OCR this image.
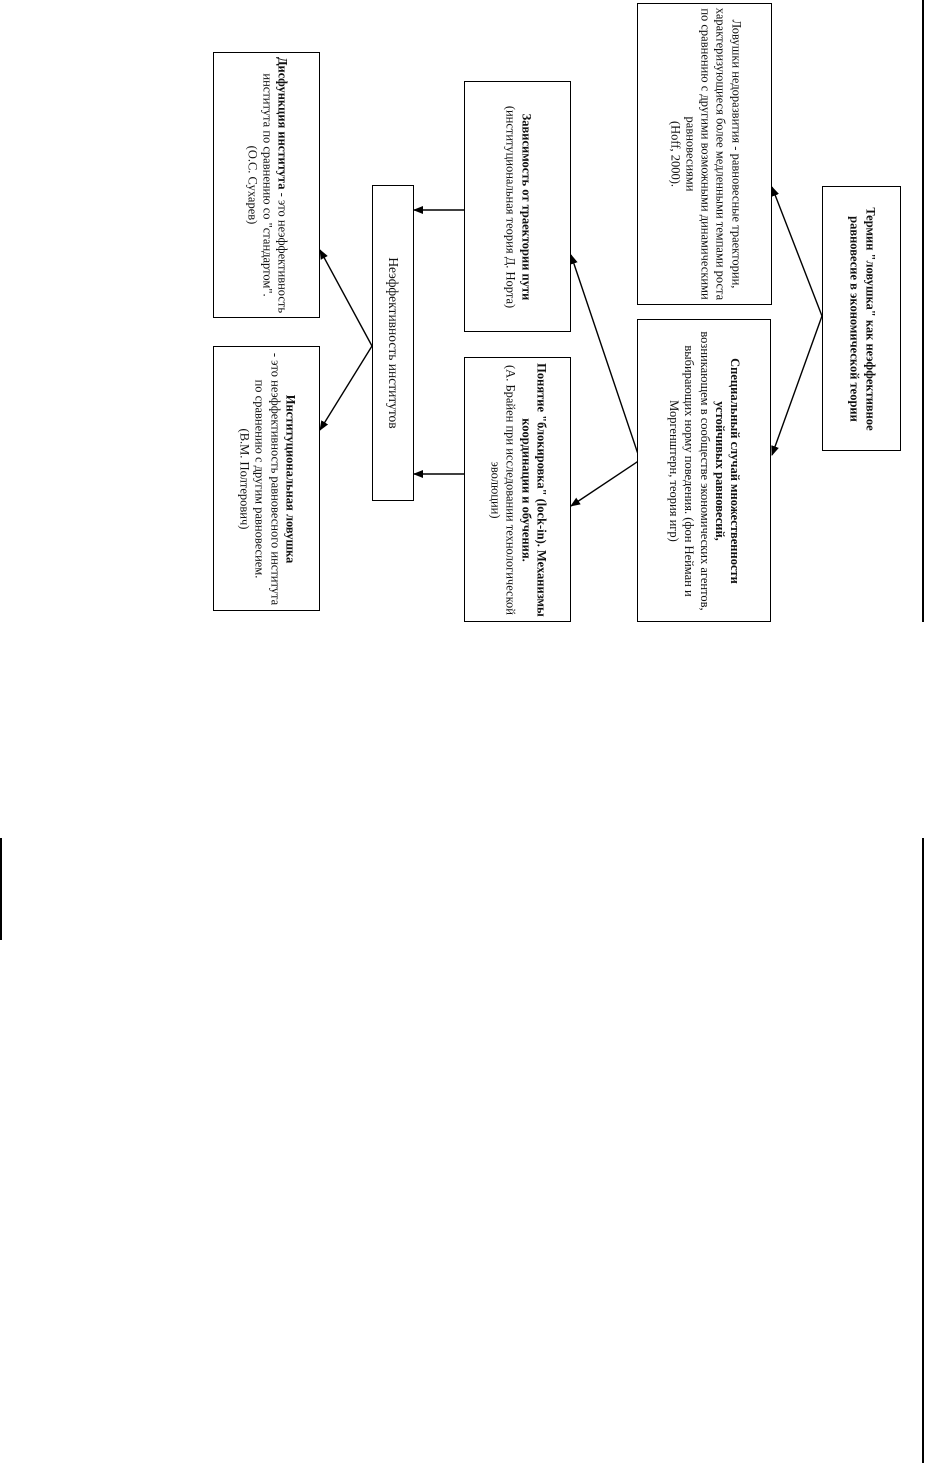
Термин "ловушка" как неэффективное равновесие в экономической теории
Ловушки недоразвития - равновесные траектории, характеризующиеся более медленными темпами роста по сравнению с другими возможными динамическими равновесиями
(Hoff, 2000).
Специальный случай множественности устойчивых равновесий,
возникающем в сообществе экономических агентов, выбирающих норму поведения. (фон Нейман и Моргенштерн, теория игр)
Зависимость от траектории пути
(институциональная теория Д. Норта)
Понятие "блокировка" (lock-in). Механизмы координации и обучения.
(А. Брайен при исследовании технологической эволюции)
Неэффективность институтов
Дисфункция института - это неэффективность института по сравнению со "стандартом".
(О.С. Сухарев)
Институциональная ловушка
- это неэффективность равновесного института по сравнению с другим равновесием.
(В.М. Полтерович)
